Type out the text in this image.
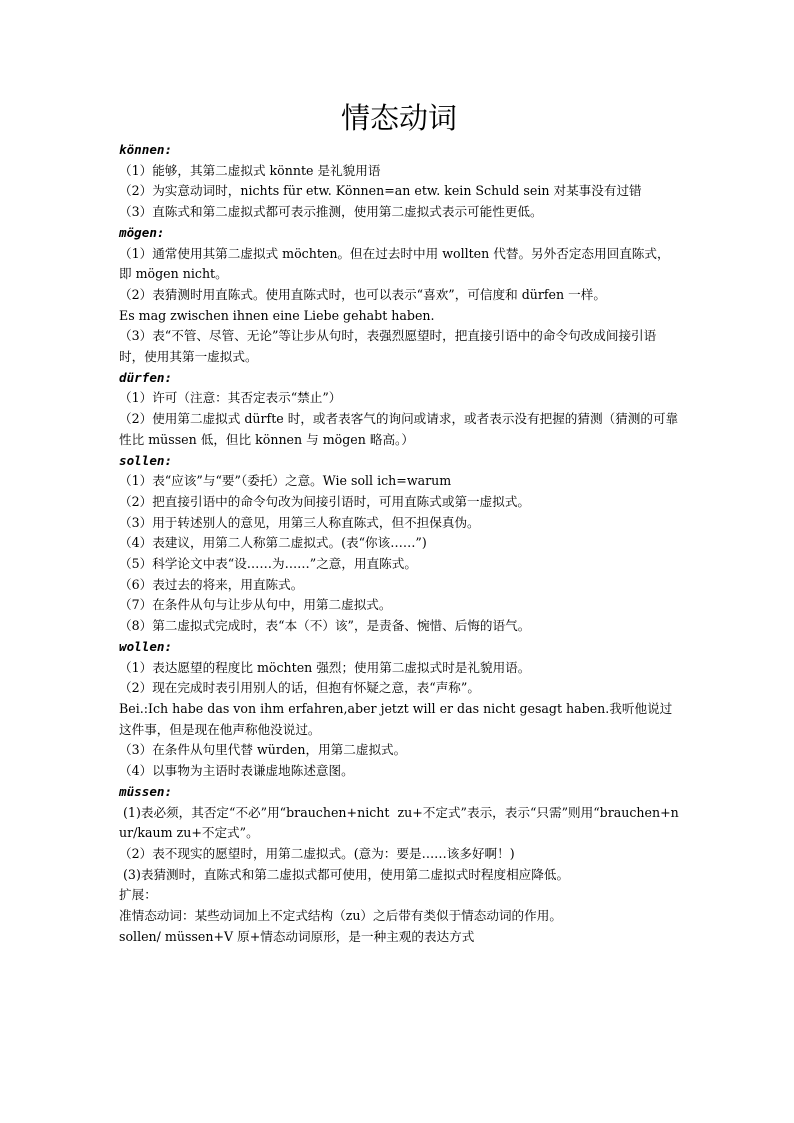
情态动词
können:
（1）能够，其第二虚拟式 könnte 是礼貌用语
（2）为实意动词时，nichts für etw. Können=an etw. kein Schuld sein 对某事没有过错
（3）直陈式和第二虚拟式都可表示推测，使用第二虚拟式表示可能性更低。
mögen:
（1）通常使用其第二虚拟式 möchten。但在过去时中用 wollten 代替。另外否定态用回直陈式，即 mögen nicht。
（2）表猜测时用直陈式。使用直陈式时，也可以表示“喜欢”，可信度和 dürfen 一样。
Es mag zwischen ihnen eine Liebe gehabt haben.
（3）表“不管、尽管、无论”等让步从句时，表强烈愿望时，把直接引语中的命令句改成间接引语时，使用其第一虚拟式。
dürfen:
（1）许可（注意：其否定表示“禁止”）
（2）使用第二虚拟式 dürfte 时，或者表客气的询问或请求，或者表示没有把握的猜测（猜测的可靠性比 müssen 低，但比 können 与 mögen 略高。）
sollen:
（1）表“应该”与“要”（委托）之意。Wie soll ich=warum
（2）把直接引语中的命令句改为间接引语时，可用直陈式或第一虚拟式。
（3）用于转述别人的意见，用第三人称直陈式，但不担保真伪。
（4）表建议，用第二人称第二虚拟式。(表“你该……”)
（5）科学论文中表“设……为……”之意，用直陈式。
（6）表过去的将来，用直陈式。
（7）在条件从句与让步从句中，用第二虚拟式。
（8）第二虚拟式完成时，表“本（不）该”，是责备、惋惜、后悔的语气。
wollen:
（1）表达愿望的程度比 möchten 强烈；使用第二虚拟式时是礼貌用语。
（2）现在完成时表引用别人的话，但抱有怀疑之意，表“声称”。
Bei.:Ich habe das von ihm erfahren,aber jetzt will er das nicht gesagt haben.我听他说过这件事，但是现在他声称他没说过。
（3）在条件从句里代替 würden，用第二虚拟式。
（4）以事物为主语时表谦虚地陈述意图。
müssen:
(1)表必须，其否定“不必”用“brauchen+nicht  zu+不定式”表示，表示“只需”则用“brauchen+nur/kaum zu+不定式”。
（2）表不现实的愿望时，用第二虚拟式。(意为：要是……该多好啊！)
(3)表猜测时，直陈式和第二虚拟式都可使用，使用第二虚拟式时程度相应降低。
扩展：
准情态动词：某些动词加上不定式结构（zu）之后带有类似于情态动词的作用。
sollen/ müssen+V 原+情态动词原形，是一种主观的表达方式
